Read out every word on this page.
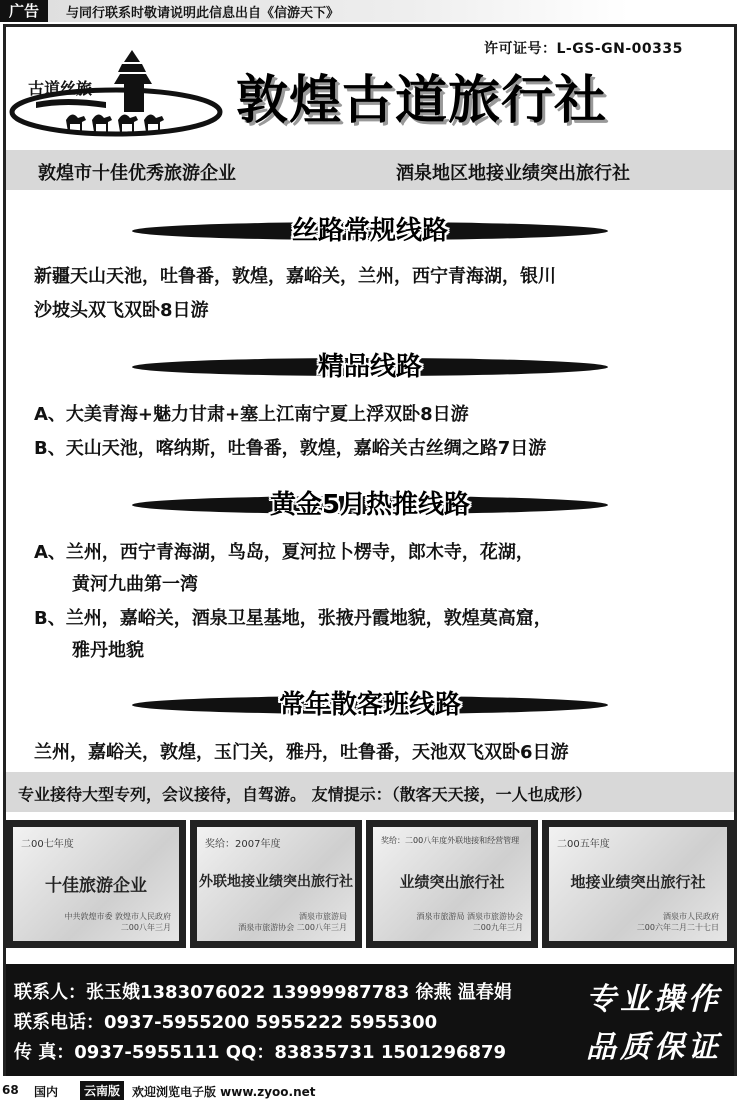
广告	与同行联系时敬请说明此信息出自《信游天下》
古道丝旅
许可证号：L-GS-GN-00335
敦煌古道旅行社
敦煌市十佳优秀旅游企业	酒泉地区地接业绩突出旅行社
丝路常规线路
新疆天山天池，吐鲁番，敦煌，嘉峪关，兰州，西宁青海湖，银川
沙坡头双飞双卧8日游
精品线路
A、大美青海+魅力甘肃+塞上江南宁夏上浮双卧8日游
B、天山天池，喀纳斯，吐鲁番，敦煌，嘉峪关古丝绸之路7日游
黄金5月热推线路
A、兰州，西宁青海湖，鸟岛，夏河拉卜楞寺，郎木寺，花湖，
黄河九曲第一湾
B、兰州，嘉峪关，酒泉卫星基地，张掖丹霞地貌，敦煌莫高窟，
雅丹地貌
常年散客班线路
兰州，嘉峪关，敦煌，玉门关，雅丹，吐鲁番，天池双飞双卧6日游
专业接待大型专列，会议接待，自驾游。 友情提示：（散客天天接，一人也成形）
二00七年度
十佳旅游企业
中共敦煌市委 敦煌市人民政府
二00八年三月
奖给：2007年度
外联地接业绩突出旅行社
酒泉市旅游局
酒泉市旅游协会 二00八年三月
奖给：二00八年度外联地接和经营管理
业绩突出旅行社
酒泉市旅游局 酒泉市旅游协会
二00九年三月
二00五年度
地接业绩突出旅行社
酒泉市人民政府
二00六年二月二十七日
联系人：张玉娥1383076022 13999987783 徐燕 温春娟
联系电话：0937-5955200 5955222 5955300
传 真：0937-5955111 QQ：83835731 1501296879
专业操作
品质保证
68 国内	云南版 欢迎浏览电子版 www.zyoo.net
